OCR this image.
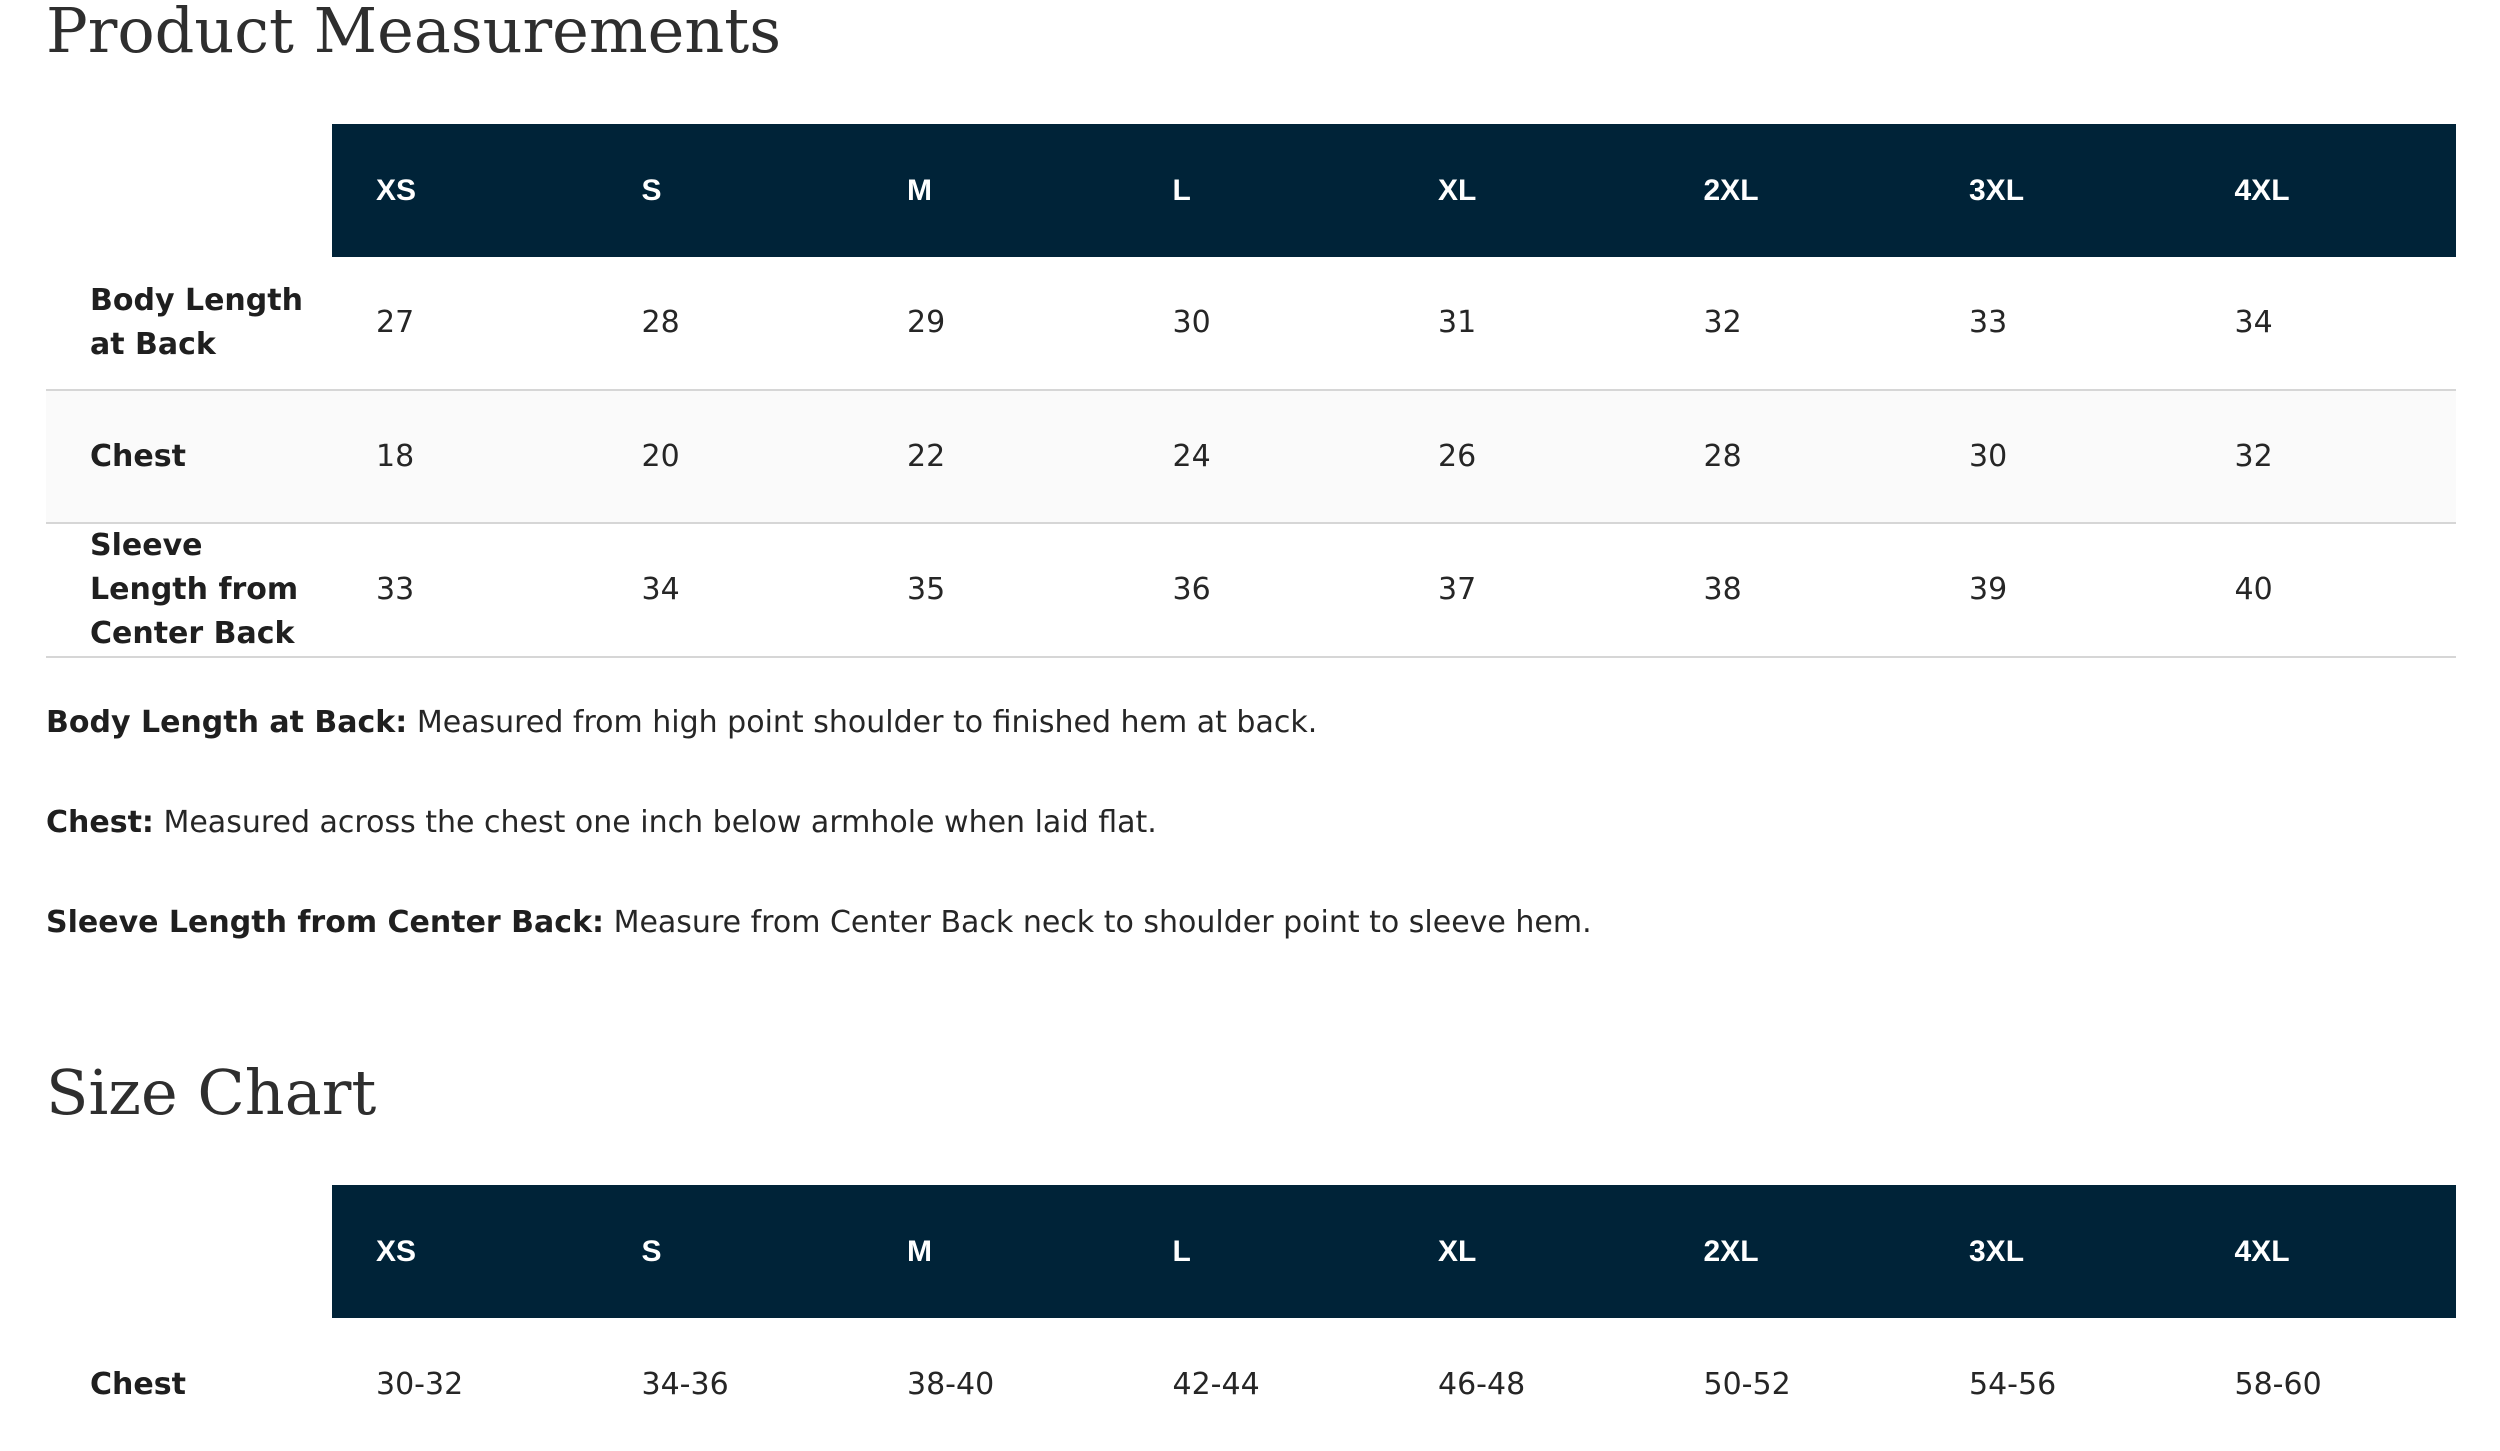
Product Measurements
	XS	S	M	L	XL	2XL	3XL	4XL
Body Length at Back	27	28	29	30	31	32	33	34
Chest	18	20	22	24	26	28	30	32
Sleeve Length from Center Back	33	34	35	36	37	38	39	40

Body Length at Back: Measured from high point shoulder to finished hem at back.

Chest: Measured across the chest one inch below armhole when laid flat.

Sleeve Length from Center Back: Measure from Center Back neck to shoulder point to sleeve hem.

Size Chart
	XS	S	M	L	XL	2XL	3XL	4XL
Chest	30-32	34-36	38-40	42-44	46-48	50-52	54-56	58-60
